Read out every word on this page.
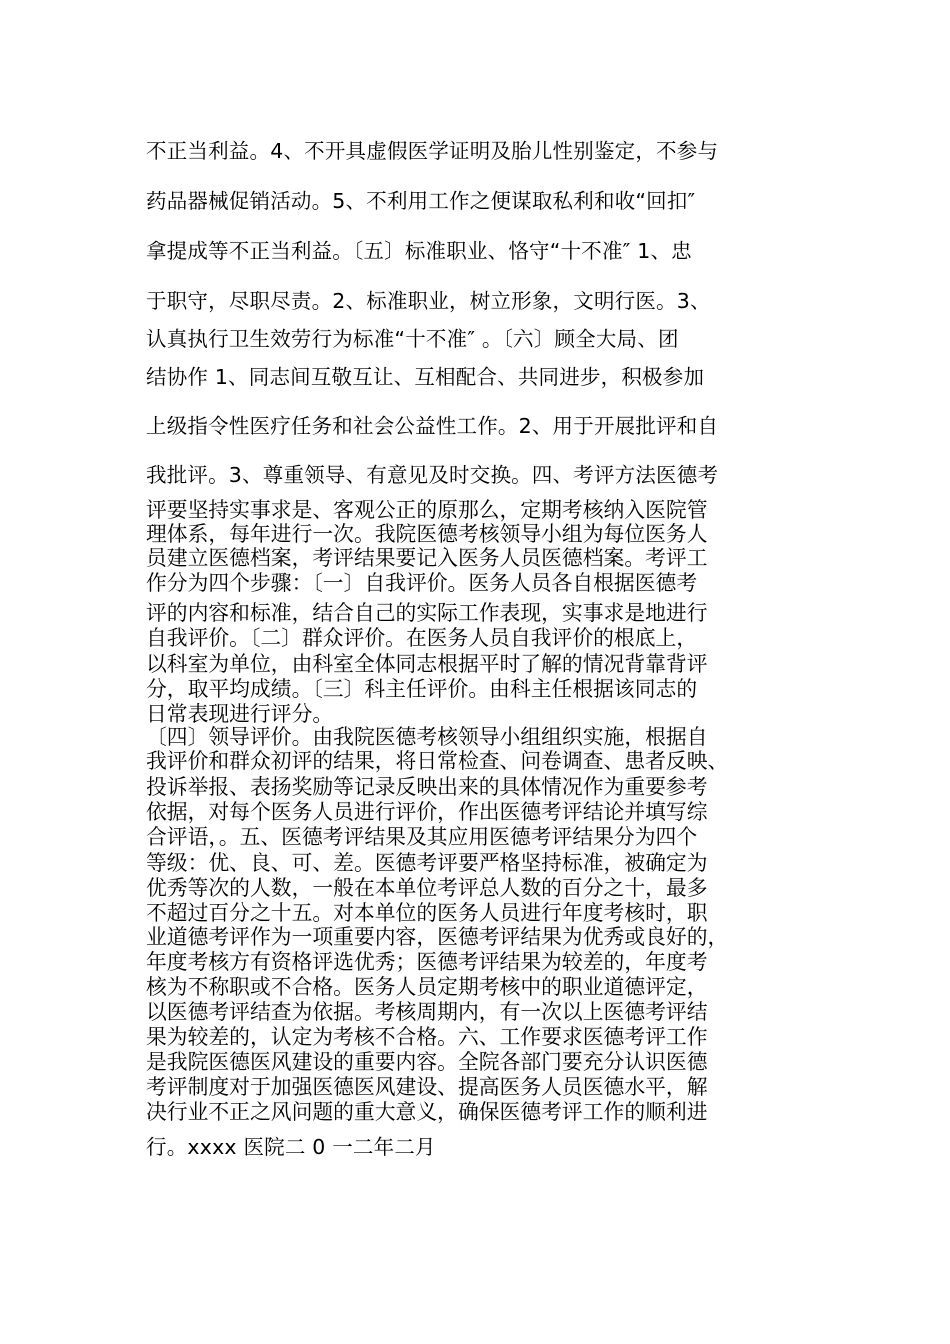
不正当利益。4、不开具虚假医学证明及胎儿性别鉴定，不参与
药品器械促销活动。5、不利用工作之便谋取私利和收“回扣″
拿提成等不正当利益。〔五〕标准职业、恪守“十不准″ 1、忠
于职守，尽职尽责。2、标准职业，树立形象，文明行医。3、
认真执行卫生效劳行为标准“十不准″ 。〔六〕顾全大局、团
结协作 1、同志间互敬互让、互相配合、共同进步，积极参加
上级指令性医疗任务和社会公益性工作。2、用于开展批评和自
我批评。3、尊重领导、有意见及时交换。四、考评方法医德考
评要坚持实事求是、客观公正的原那么，定期考核纳入医院管
理体系，每年进行一次。我院医德考核领导小组为每位医务人
员建立医德档案，考评结果要记入医务人员医德档案。考评工
作分为四个步骤：〔一〕自我评价。医务人员各自根据医德考
评的内容和标准，结合自己的实际工作表现，实事求是地进行
自我评价。〔二〕群众评价。在医务人员自我评价的根底上，
以科室为单位，由科室全体同志根据平时了解的情况背靠背评
分，取平均成绩。〔三〕科主任评价。由科主任根据该同志的
日常表现进行评分。
〔四〕领导评价。由我院医德考核领导小组组织实施，根据自
我评价和群众初评的结果，将日常检查、问卷调查、患者反映、
投诉举报、表扬奖励等记录反映出来的具体情况作为重要参考
依据，对每个医务人员进行评价，作出医德考评结论并填写综
合评语，。五、医德考评结果及其应用医德考评结果分为四个
等级：优、良、可、差。医德考评要严格坚持标准，被确定为
优秀等次的人数，一般在本单位考评总人数的百分之十，最多
不超过百分之十五。对本单位的医务人员进行年度考核时，职
业道德考评作为一项重要内容，医德考评结果为优秀或良好的，
年度考核方有资格评选优秀；医德考评结果为较差的，年度考
核为不称职或不合格。医务人员定期考核中的职业道德评定，
以医德考评结查为依据。考核周期内，有一次以上医德考评结
果为较差的，认定为考核不合格。六、工作要求医德考评工作
是我院医德医风建设的重要内容。全院各部门要充分认识医德
考评制度对于加强医德医风建设、提高医务人员医德水平，解
决行业不正之风问题的重大意义，确保医德考评工作的顺利进
行。xxxx 医院二 0 一二年二月
